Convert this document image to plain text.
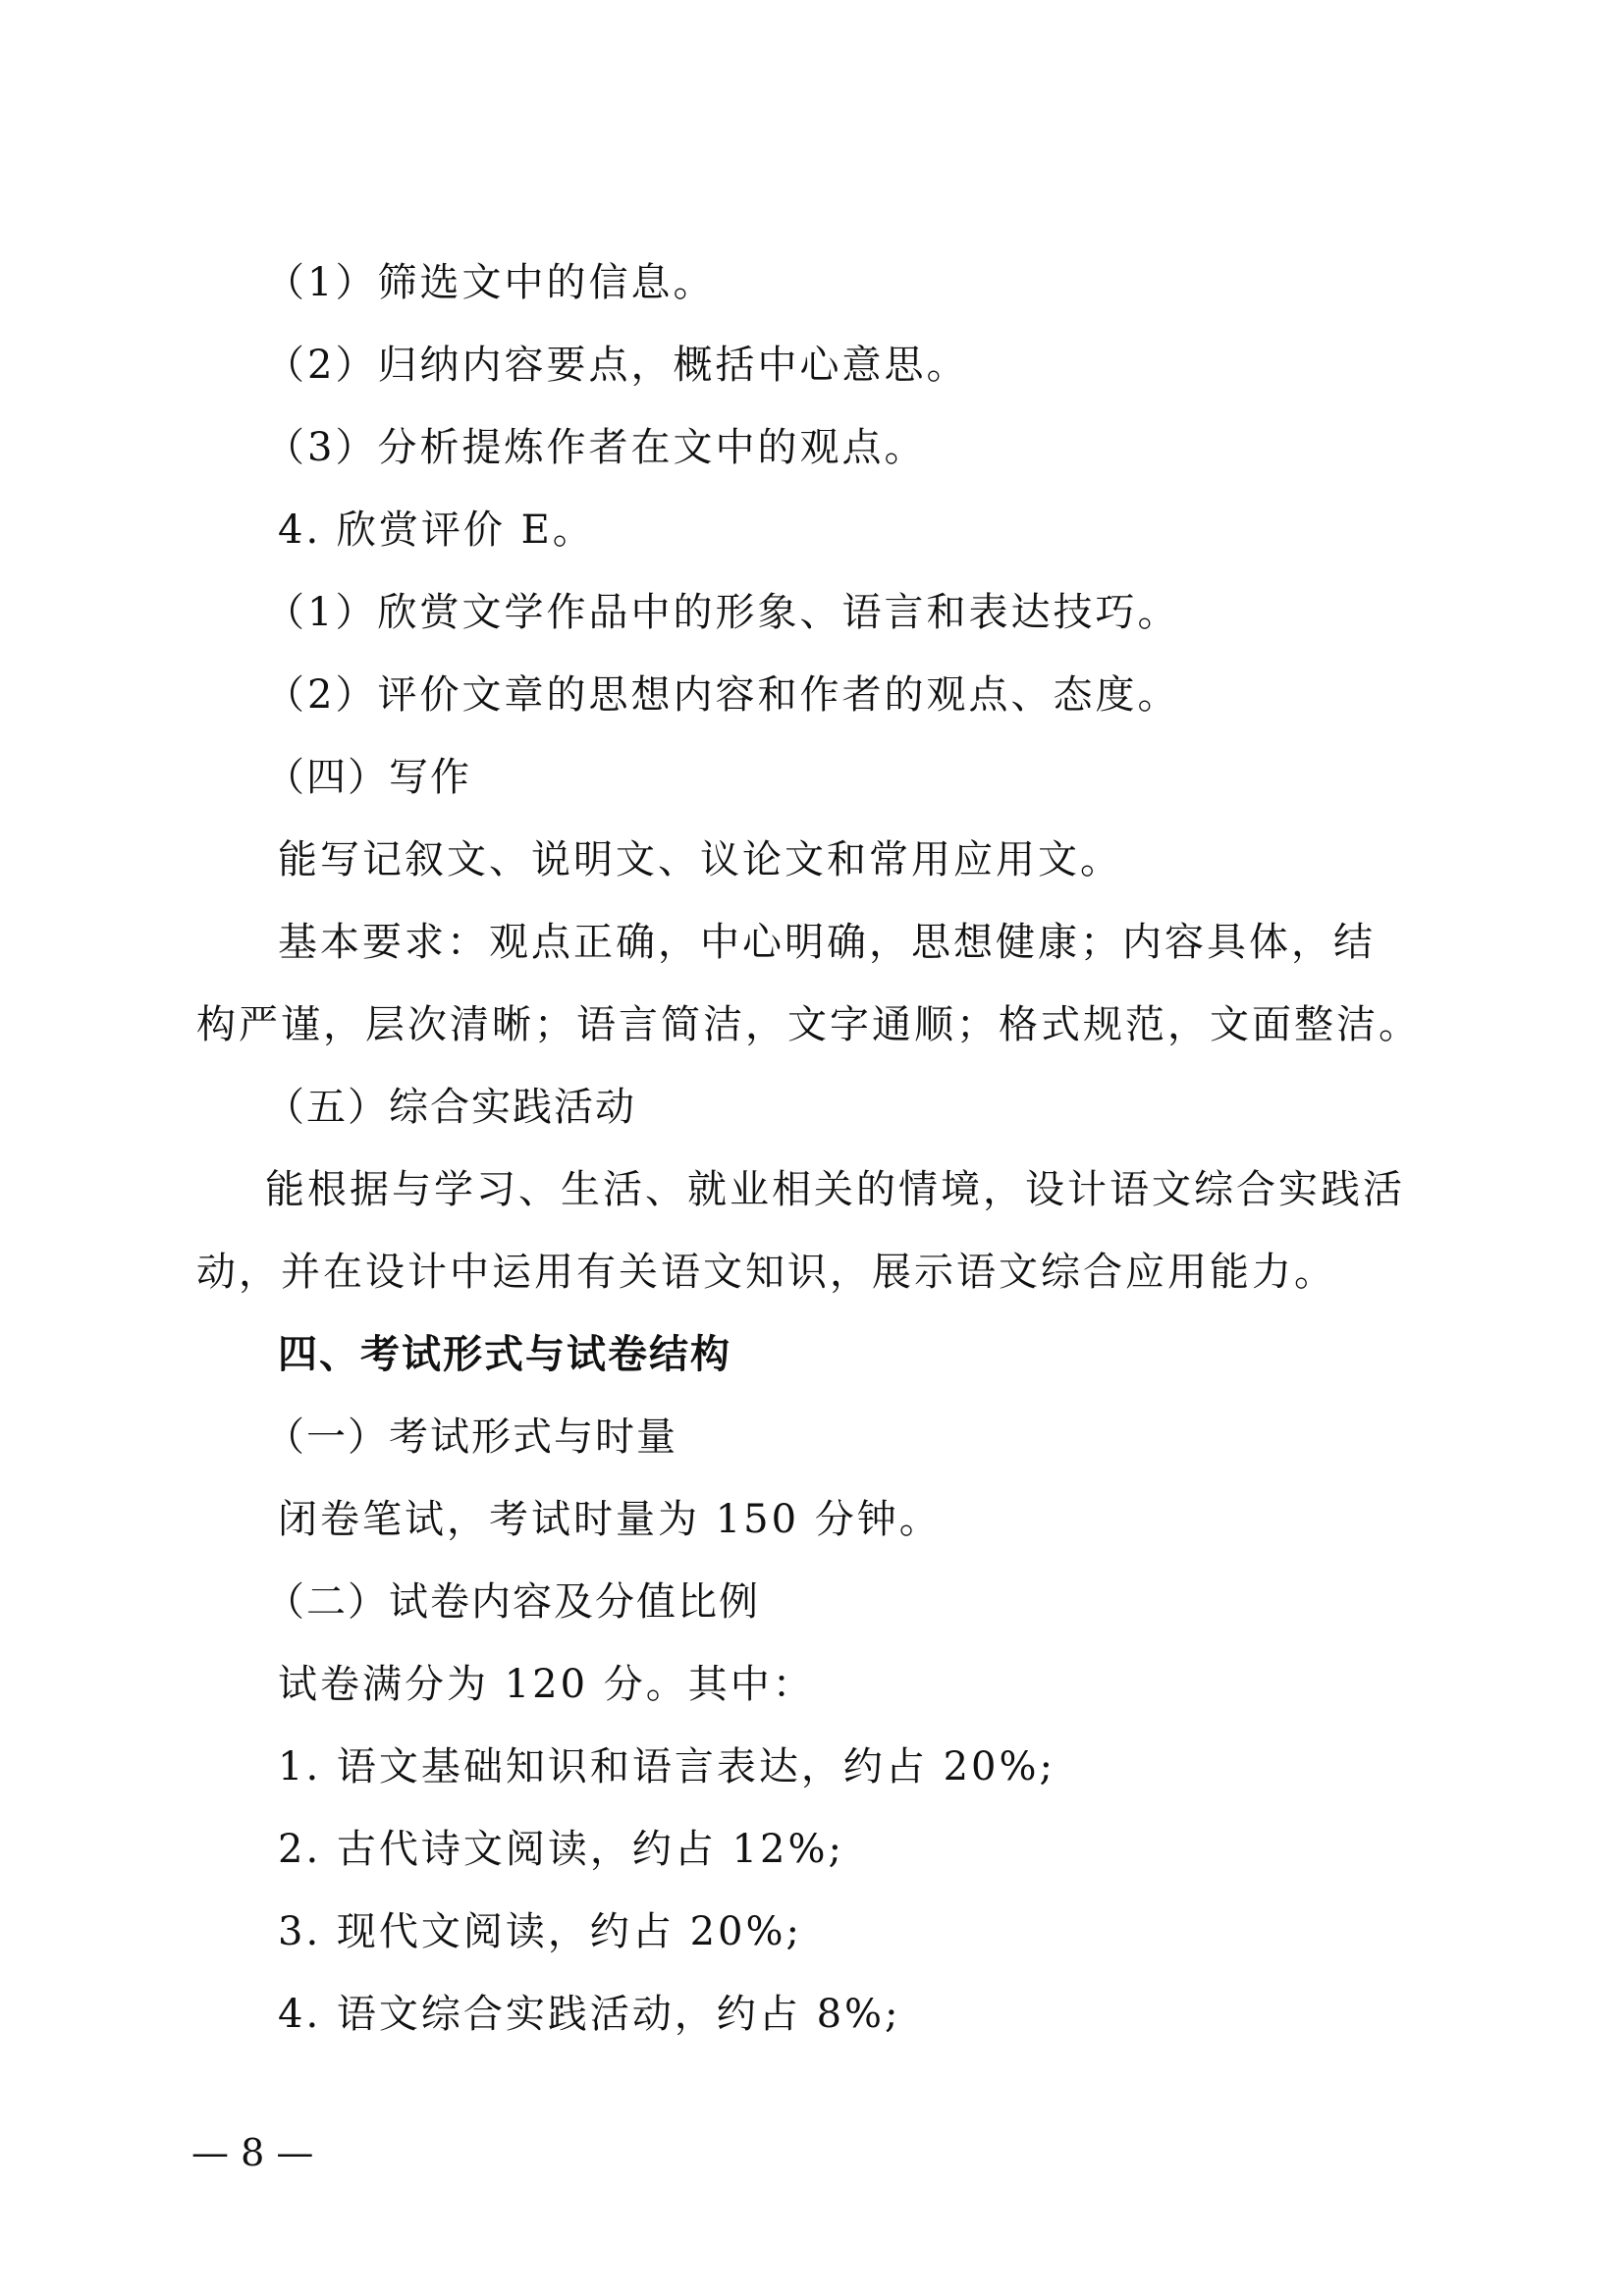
（1）筛选文中的信息。
（2）归纳内容要点，概括中心意思。
（3）分析提炼作者在文中的观点。
4. 欣赏评价 E。
（1）欣赏文学作品中的形象、语言和表达技巧。
（2）评价文章的思想内容和作者的观点、态度。
（四）写作
能写记叙文、说明文、议论文和常用应用文。
基本要求：观点正确，中心明确，思想健康；内容具体，结
构严谨，层次清晰；语言简洁，文字通顺；格式规范，文面整洁。
（五）综合实践活动
能根据与学习、生活、就业相关的情境，设计语文综合实践活
动，并在设计中运用有关语文知识，展示语文综合应用能力。
四、考试形式与试卷结构
（一）考试形式与时量
闭卷笔试，考试时量为 150 分钟。
（二）试卷内容及分值比例
试卷满分为 120 分。其中：
1. 语文基础知识和语言表达，约占 20%;
2. 古代诗文阅读，约占 12%;
3. 现代文阅读，约占 20%;
4. 语文综合实践活动，约占 8%;
— 8 —
